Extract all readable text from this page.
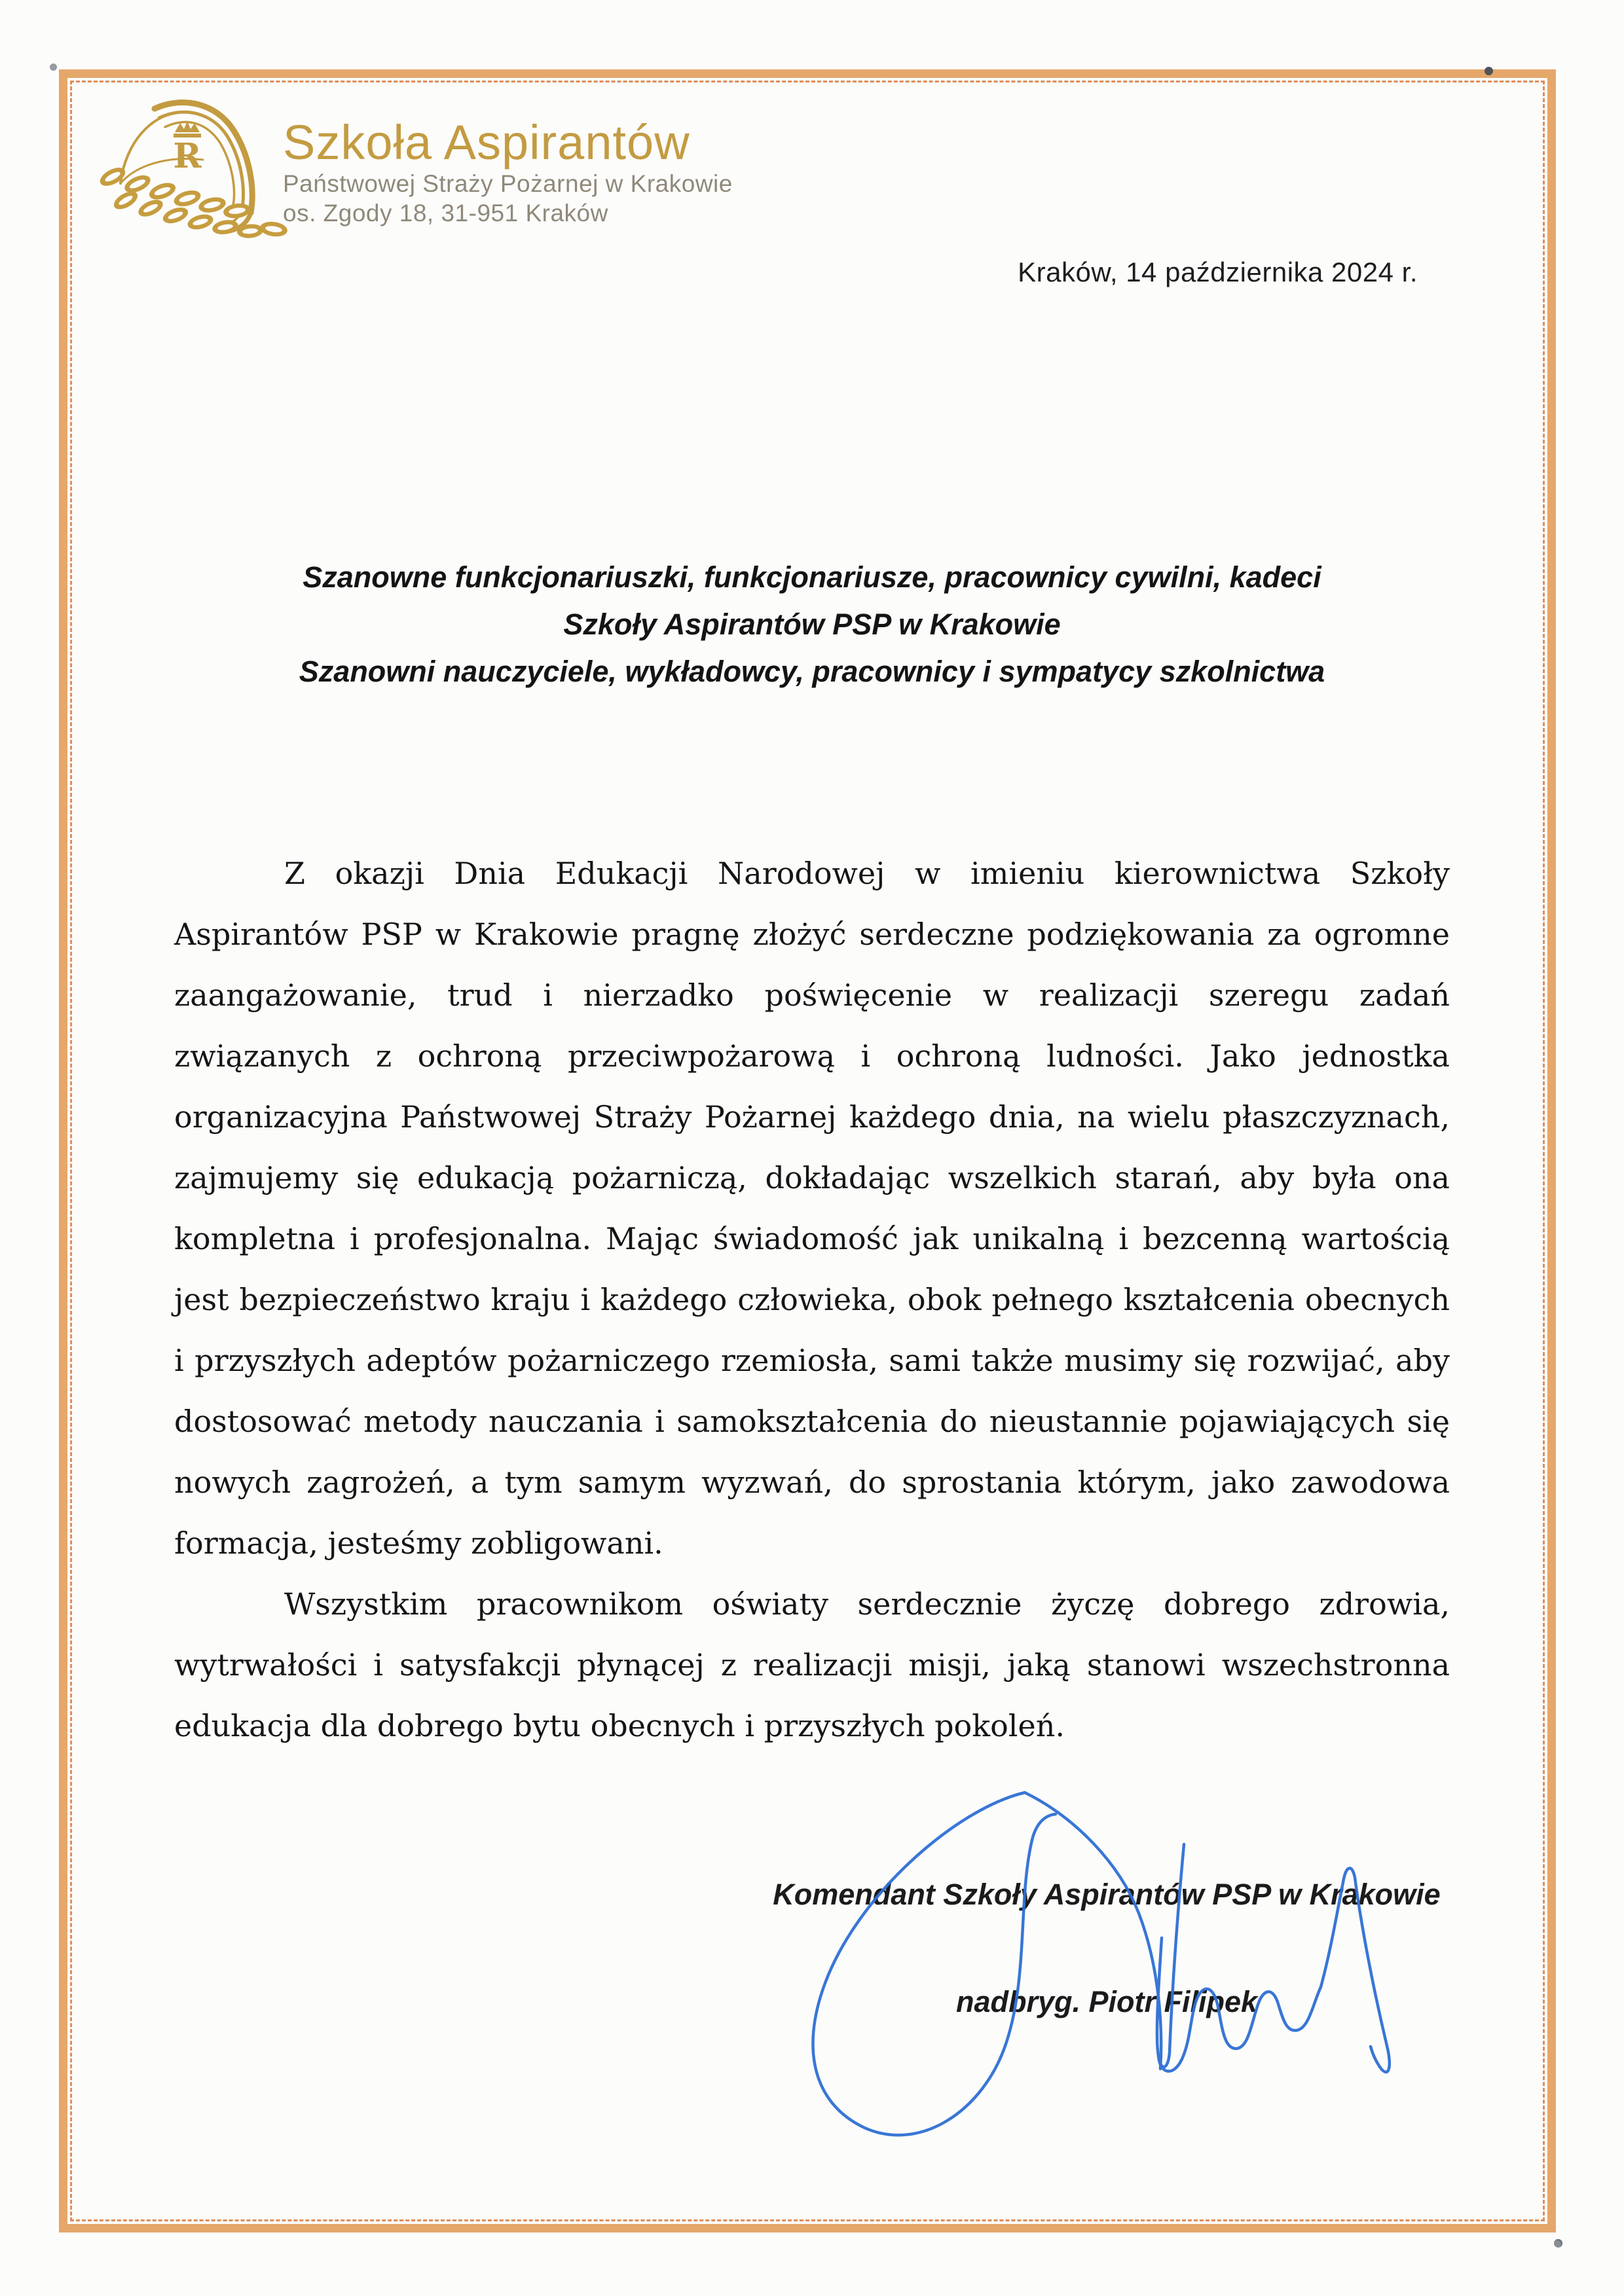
R Szkoła Aspirantów
Państwowej Straży Pożarnej w Krakowie
os. Zgody 18, 31-951 Kraków
Kraków, 14 października 2024 r.
Szanowne funkcjonariuszki, funkcjonariusze, pracownicy cywilni, kadeci
Szkoły Aspirantów PSP w Krakowie
Szanowni nauczyciele, wykładowcy, pracownicy i sympatycy szkolnictwa

Z okazji Dnia Edukacji Narodowej w imieniu kierownictwa Szkoły Aspirantów PSP w Krakowie pragnę złożyć serdeczne podziękowania za ogromne zaangażowanie, trud i nierzadko poświęcenie w realizacji szeregu zadań związanych z ochroną przeciwpożarową i ochroną ludności. Jako jednostka organizacyjna Państwowej Straży Pożarnej każdego dnia, na wielu płaszczyznach, zajmujemy się edukacją pożarniczą, dokładając wszelkich starań, aby była ona kompletna i profesjonalna. Mając świadomość jak unikalną i bezcenną wartością jest bezpieczeństwo kraju i każdego człowieka, obok pełnego kształcenia obecnych i przyszłych adeptów pożarniczego rzemiosła, sami także musimy się rozwijać, aby dostosować metody nauczania i samokształcenia do nieustannie pojawiających się nowych zagrożeń, a tym samym wyzwań, do sprostania którym, jako zawodowa formacja, jesteśmy zobligowani.

Wszystkim pracownikom oświaty serdecznie życzę dobrego zdrowia, wytrwałości i satysfakcji płynącej z realizacji misji, jaką stanowi wszechstronna edukacja dla dobrego bytu obecnych i przyszłych pokoleń.

Komendant Szkoły Aspirantów PSP w Krakowie
nadbryg. Piotr Filipek
